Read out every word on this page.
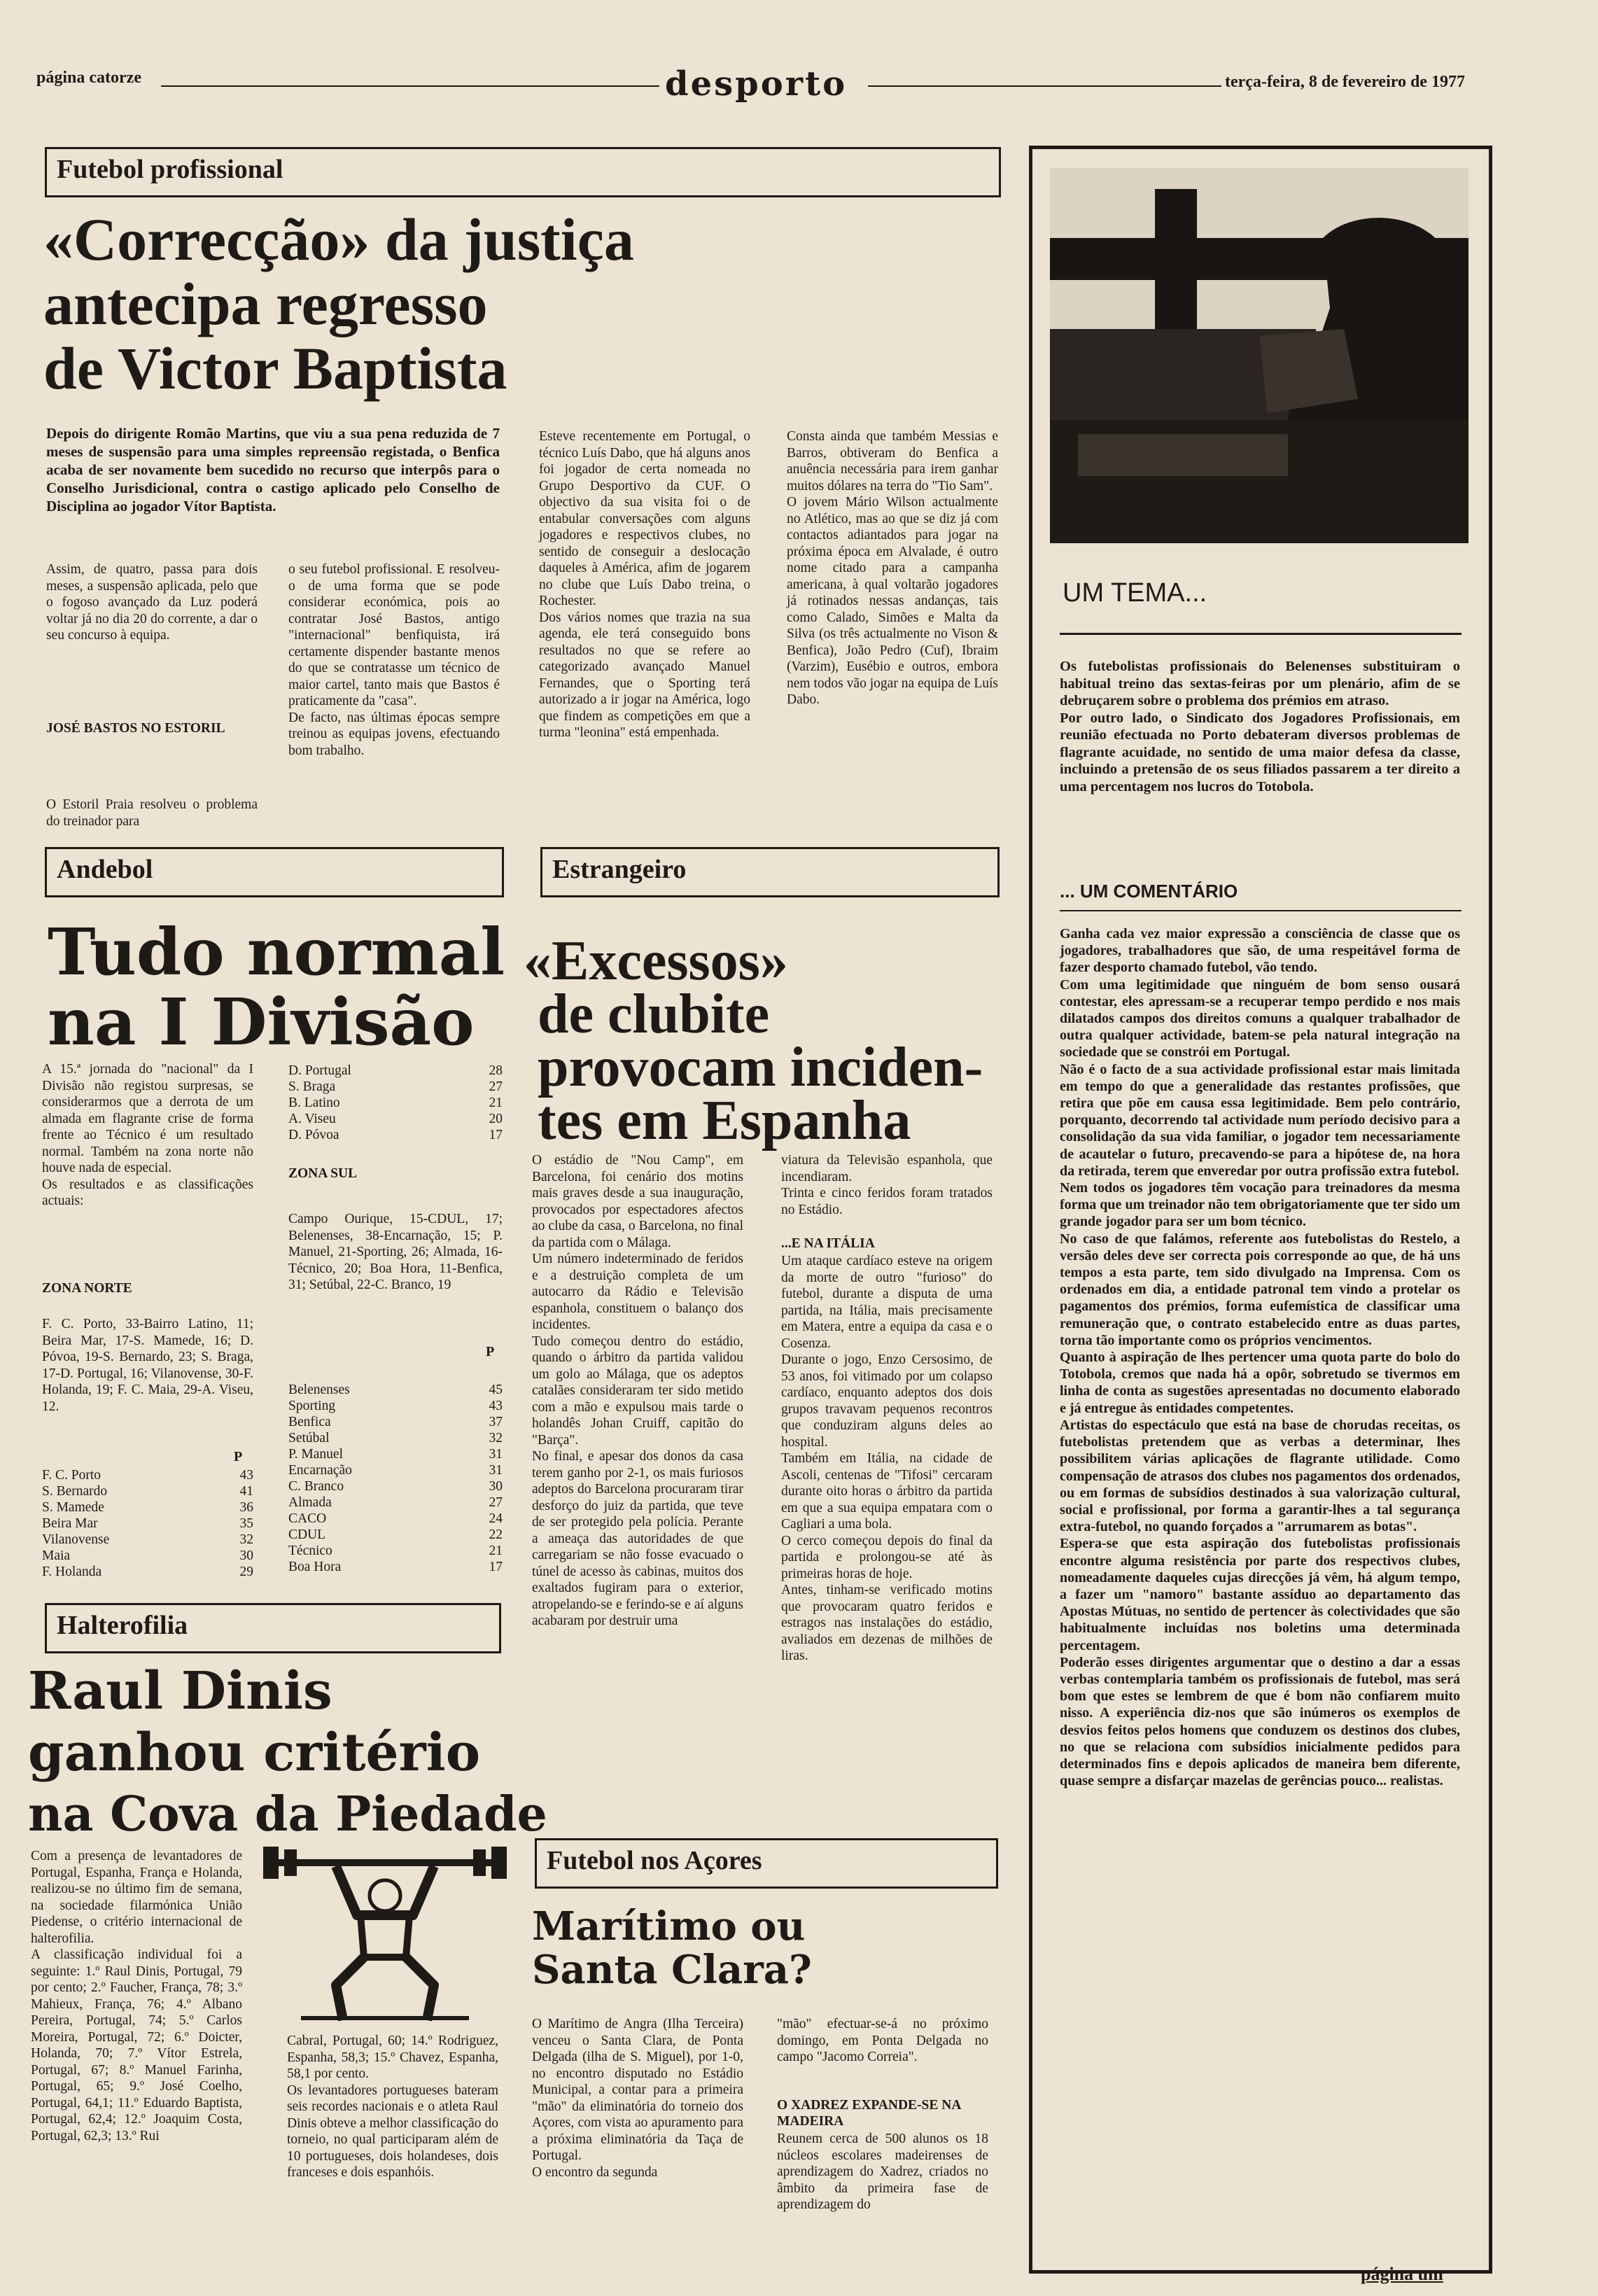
página catorze	desporto	terça-feira, 8 de fevereiro de 1977
Futebol profissional
«Correcção» da justiça
antecipa regresso
de Victor Baptista
Depois do dirigente Romão Martins, que viu a sua pena reduzida de 7 meses de suspensão para uma simples repreensão registada, o Benfica acaba de ser novamente bem sucedido no recurso que interpôs para o Conselho Jurisdicional, contra o castigo aplicado pelo Conselho de Disciplina ao jogador Vítor Baptista.
Assim, de quatro, passa para dois meses, a suspensão aplicada, pelo que o fogoso avançado da Luz poderá voltar já no dia 20 do corrente, a dar o seu concurso à equipa.
JOSÉ BASTOS NO ESTORIL
O Estoril Praia resolveu o problema do treinador para
o seu futebol profissional. E resolveu-o de uma forma que se pode considerar económica, pois ao contratar José Bastos, antigo "internacional" benfiquista, irá certamente dispender bastante menos do que se contratasse um técnico de maior cartel, tanto mais que Bastos é praticamente da "casa".
De facto, nas últimas épocas sempre treinou as equipas jovens, efectuando bom trabalho.
Esteve recentemente em Portugal, o técnico Luís Dabo, que há alguns anos foi jogador de certa nomeada no Grupo Desportivo da CUF. O objectivo da sua visita foi o de entabular conversações com alguns jogadores e respectivos clubes, no sentido de conseguir a deslocação daqueles à América, afim de jogarem no clube que Luís Dabo treina, o Rochester.
Dos vários nomes que trazia na sua agenda, ele terá conseguido bons resultados no que se refere ao categorizado avançado Manuel Fernandes, que o Sporting terá autorizado a ir jogar na América, logo que findem as competições em que a turma "leonina" está empenhada.
Consta ainda que também Messias e Barros, obtiveram do Benfica a anuência necessária para irem ganhar muitos dólares na terra do "Tio Sam".
O jovem Mário Wilson actualmente no Atlético, mas ao que se diz já com contactos adiantados para jogar na próxima época em Alvalade, é outro nome citado para a campanha americana, à qual voltarão jogadores já rotinados nessas andanças, tais como Calado, Simões e Malta da Silva (os três actualmente no Vison & Benfica), João Pedro (Cuf), Ibraim (Varzim), Eusébio e outros, embora nem todos vão jogar na equipa de Luís Dabo.
Andebol
Tudo normal
na I Divisão
A 15.ª jornada do "nacional" da I Divisão não registou surpresas, se considerarmos que a derrota de um almada em flagrante crise de forma frente ao Técnico é um resultado normal. Também na zona norte não houve nada de especial.
Os resultados e as classificações actuais:
ZONA NORTE
F. C. Porto, 33-Bairro Latino, 11; Beira Mar, 17-S. Mamede, 16; D. Póvoa, 19-S. Bernardo, 23; S. Braga, 17-D. Portugal, 16; Vilanovense, 30-F. Holanda, 19; F. C. Maia, 29-A. Viseu, 12.
P
F. C. Porto	43
S. Bernardo	41
S. Mamede	36
Beira Mar	35
Vilanovense	32
Maia	30
F. Holanda	29
D. Portugal	28
S. Braga	27
B. Latino	21
A. Viseu	20
D. Póvoa	17
ZONA SUL
Campo Ourique, 15-CDUL, 17; Belenenses, 38-Encarnação, 15; P. Manuel, 21-Sporting, 26; Almada, 16-Técnico, 20; Boa Hora, 11-Benfica, 31; Setúbal, 22-C. Branco, 19
P
Belenenses	45
Sporting	43
Benfica	37
Setúbal	32
P. Manuel	31
Encarnação	31
C. Branco	30
Almada	27
CACO	24
CDUL	22
Técnico	21
Boa Hora	17
Halterofilia
Raul Dinis
ganhou critério
na Cova da Piedade
Com a presença de levantadores de Portugal, Espanha, França e Holanda, realizou-se no último fim de semana, na sociedade filarmónica União Piedense, o critério internacional de halterofilia.
A classificação individual foi a seguinte: 1.º Raul Dinis, Portugal, 79 por cento; 2.º Faucher, França, 78; 3.º Mahieux, França, 76; 4.º Albano Pereira, Portugal, 74; 5.º Carlos Moreira, Portugal, 72; 6.º Doicter, Holanda, 70; 7.º Vítor Estrela, Portugal, 67; 8.º Manuel Farinha, Portugal, 65; 9.º José Coelho, Portugal, 64,1; 11.º Eduardo Baptista, Portugal, 62,4; 12.º Joaquim Costa, Portugal, 62,3; 13.º Rui
Cabral, Portugal, 60; 14.º Rodriguez, Espanha, 58,3; 15.º Chavez, Espanha, 58,1 por cento.
Os levantadores portugueses bateram seis recordes nacionais e o atleta Raul Dinis obteve a melhor classificação do torneio, no qual participaram além de 10 portugueses, dois holandeses, dois franceses e dois espanhóis.
Estrangeiro
«Excessos»
de clubite
provocam inciden-
tes em Espanha
O estádio de "Nou Camp", em Barcelona, foi cenário dos motins mais graves desde a sua inauguração, provocados por espectadores afectos ao clube da casa, o Barcelona, no final da partida com o Málaga.
Um número indeterminado de feridos e a destruição completa de um autocarro da Rádio e Televisão espanhola, constituem o balanço dos incidentes.
Tudo começou dentro do estádio, quando o árbitro da partida validou um golo ao Málaga, que os adeptos catalães consideraram ter sido metido com a mão e expulsou mais tarde o holandês Johan Cruiff, capitão do "Barça".
No final, e apesar dos donos da casa terem ganho por 2-1, os mais furiosos adeptos do Barcelona procuraram tirar desforço do juiz da partida, que teve de ser protegido pela polícia. Perante a ameaça das autoridades de que carregariam se não fosse evacuado o túnel de acesso às cabinas, muitos dos exaltados fugiram para o exterior, atropelando-se e ferindo-se e aí alguns acabaram por destruir uma
viatura da Televisão espanhola, que incendiaram.
Trinta e cinco feridos foram tratados no Estádio.
...E NA ITÁLIA
Um ataque cardíaco esteve na origem da morte de outro "furioso" do futebol, durante a disputa de uma partida, na Itália, mais precisamente em Matera, entre a equipa da casa e o Cosenza.
Durante o jogo, Enzo Cersosimo, de 53 anos, foi vitimado por um colapso cardíaco, enquanto adeptos dos dois grupos travavam pequenos recontros que conduziram alguns deles ao hospital.
Também em Itália, na cidade de Ascoli, centenas de "Tifosi" cercaram durante oito horas o árbitro da partida em que a sua equipa empatara com o Cagliari a uma bola.
O cerco começou depois do final da partida e prolongou-se até às primeiras horas de hoje.
Antes, tinham-se verificado motins que provocaram quatro feridos e estragos nas instalações do estádio, avaliados em dezenas de milhões de liras.
Futebol nos Açores
Marítimo ou
Santa Clara?
O Marítimo de Angra (Ilha Terceira) venceu o Santa Clara, de Ponta Delgada (ilha de S. Miguel), por 1-0, no encontro disputado no Estádio Municipal, a contar para a primeira "mão" da eliminatória do torneio dos Açores, com vista ao apuramento para a próxima eliminatória da Taça de Portugal.
O encontro da segunda
"mão" efectuar-se-á no próximo domingo, em Ponta Delgada no campo "Jacomo Correia".
O XADREZ EXPANDE-SE NA MADEIRA
Reunem cerca de 500 alunos os 18 núcleos escolares madeirenses de aprendizagem do Xadrez, criados no âmbito da primeira fase de aprendizagem do
UM TEMA...
Os futebolistas profissionais do Belenenses substituiram o habitual treino das sextas-feiras por um plenário, afim de se debruçarem sobre o problema dos prémios em atraso.
Por outro lado, o Sindicato dos Jogadores Profissionais, em reunião efectuada no Porto debateram diversos problemas de flagrante acuidade, no sentido de uma maior defesa da classe, incluindo a pretensão de os seus filiados passarem a ter direito a uma percentagem nos lucros do Totobola.
... UM COMENTÁRIO
Ganha cada vez maior expressão a consciência de classe que os jogadores, trabalhadores que são, de uma respeitável forma de fazer desporto chamado futebol, vão tendo.
Com uma legitimidade que ninguém de bom senso ousará contestar, eles apressam-se a recuperar tempo perdido e nos mais dilatados campos dos direitos comuns a qualquer trabalhador de outra qualquer actividade, batem-se pela natural integração na sociedade que se constrói em Portugal.
Não é o facto de a sua actividade profissional estar mais limitada em tempo do que a generalidade das restantes profissões, que retira que põe em causa essa legitimidade. Bem pelo contrário, porquanto, decorrendo tal actividade num período decisivo para a consolidação da sua vida familiar, o jogador tem necessariamente de acautelar o futuro, precavendo-se para a hipótese de, na hora da retirada, terem que enveredar por outra profissão extra futebol.
Nem todos os jogadores têm vocação para treinadores da mesma forma que um treinador não tem obrigatoriamente que ter sido um grande jogador para ser um bom técnico.
No caso de que falámos, referente aos futebolistas do Restelo, a versão deles deve ser correcta pois corresponde ao que, de há uns tempos a esta parte, tem sido divulgado na Imprensa. Com os ordenados em dia, a entidade patronal tem vindo a protelar os pagamentos dos prémios, forma eufemística de classificar uma remuneração que, o contrato estabelecido entre as duas partes, torna tão importante como os próprios vencimentos.
Quanto à aspiração de lhes pertencer uma quota parte do bolo do Totobola, cremos que nada há a opôr, sobretudo se tivermos em linha de conta as sugestões apresentadas no documento elaborado e já entregue às entidades competentes.
Artistas do espectáculo que está na base de chorudas receitas, os futebolistas pretendem que as verbas a determinar, lhes possibilitem várias aplicações de flagrante utilidade. Como compensação de atrasos dos clubes nos pagamentos dos ordenados, ou em formas de subsídios destinados à sua valorização cultural, social e profissional, por forma a garantir-lhes a tal segurança extra-futebol, no quando forçados a "arrumarem as botas".
Espera-se que esta aspiração dos futebolistas profissionais encontre alguma resistência por parte dos respectivos clubes, nomeadamente daqueles cujas direcções já vêm, há algum tempo, a fazer um "namoro" bastante assíduo ao departamento das Apostas Mútuas, no sentido de pertencer às colectividades que são habitualmente incluídas nos boletins uma determinada percentagem.
Poderão esses dirigentes argumentar que o destino a dar a essas verbas contemplaria também os profissionais de futebol, mas será bom que estes se lembrem de que é bom não confiarem muito nisso. A experiência diz-nos que são inúmeros os exemplos de desvios feitos pelos homens que conduzem os destinos dos clubes, no que se relaciona com subsídios inicialmente pedidos para determinados fins e depois aplicados de maneira bem diferente, quase sempre a disfarçar mazelas de gerências pouco... realistas.
página um
